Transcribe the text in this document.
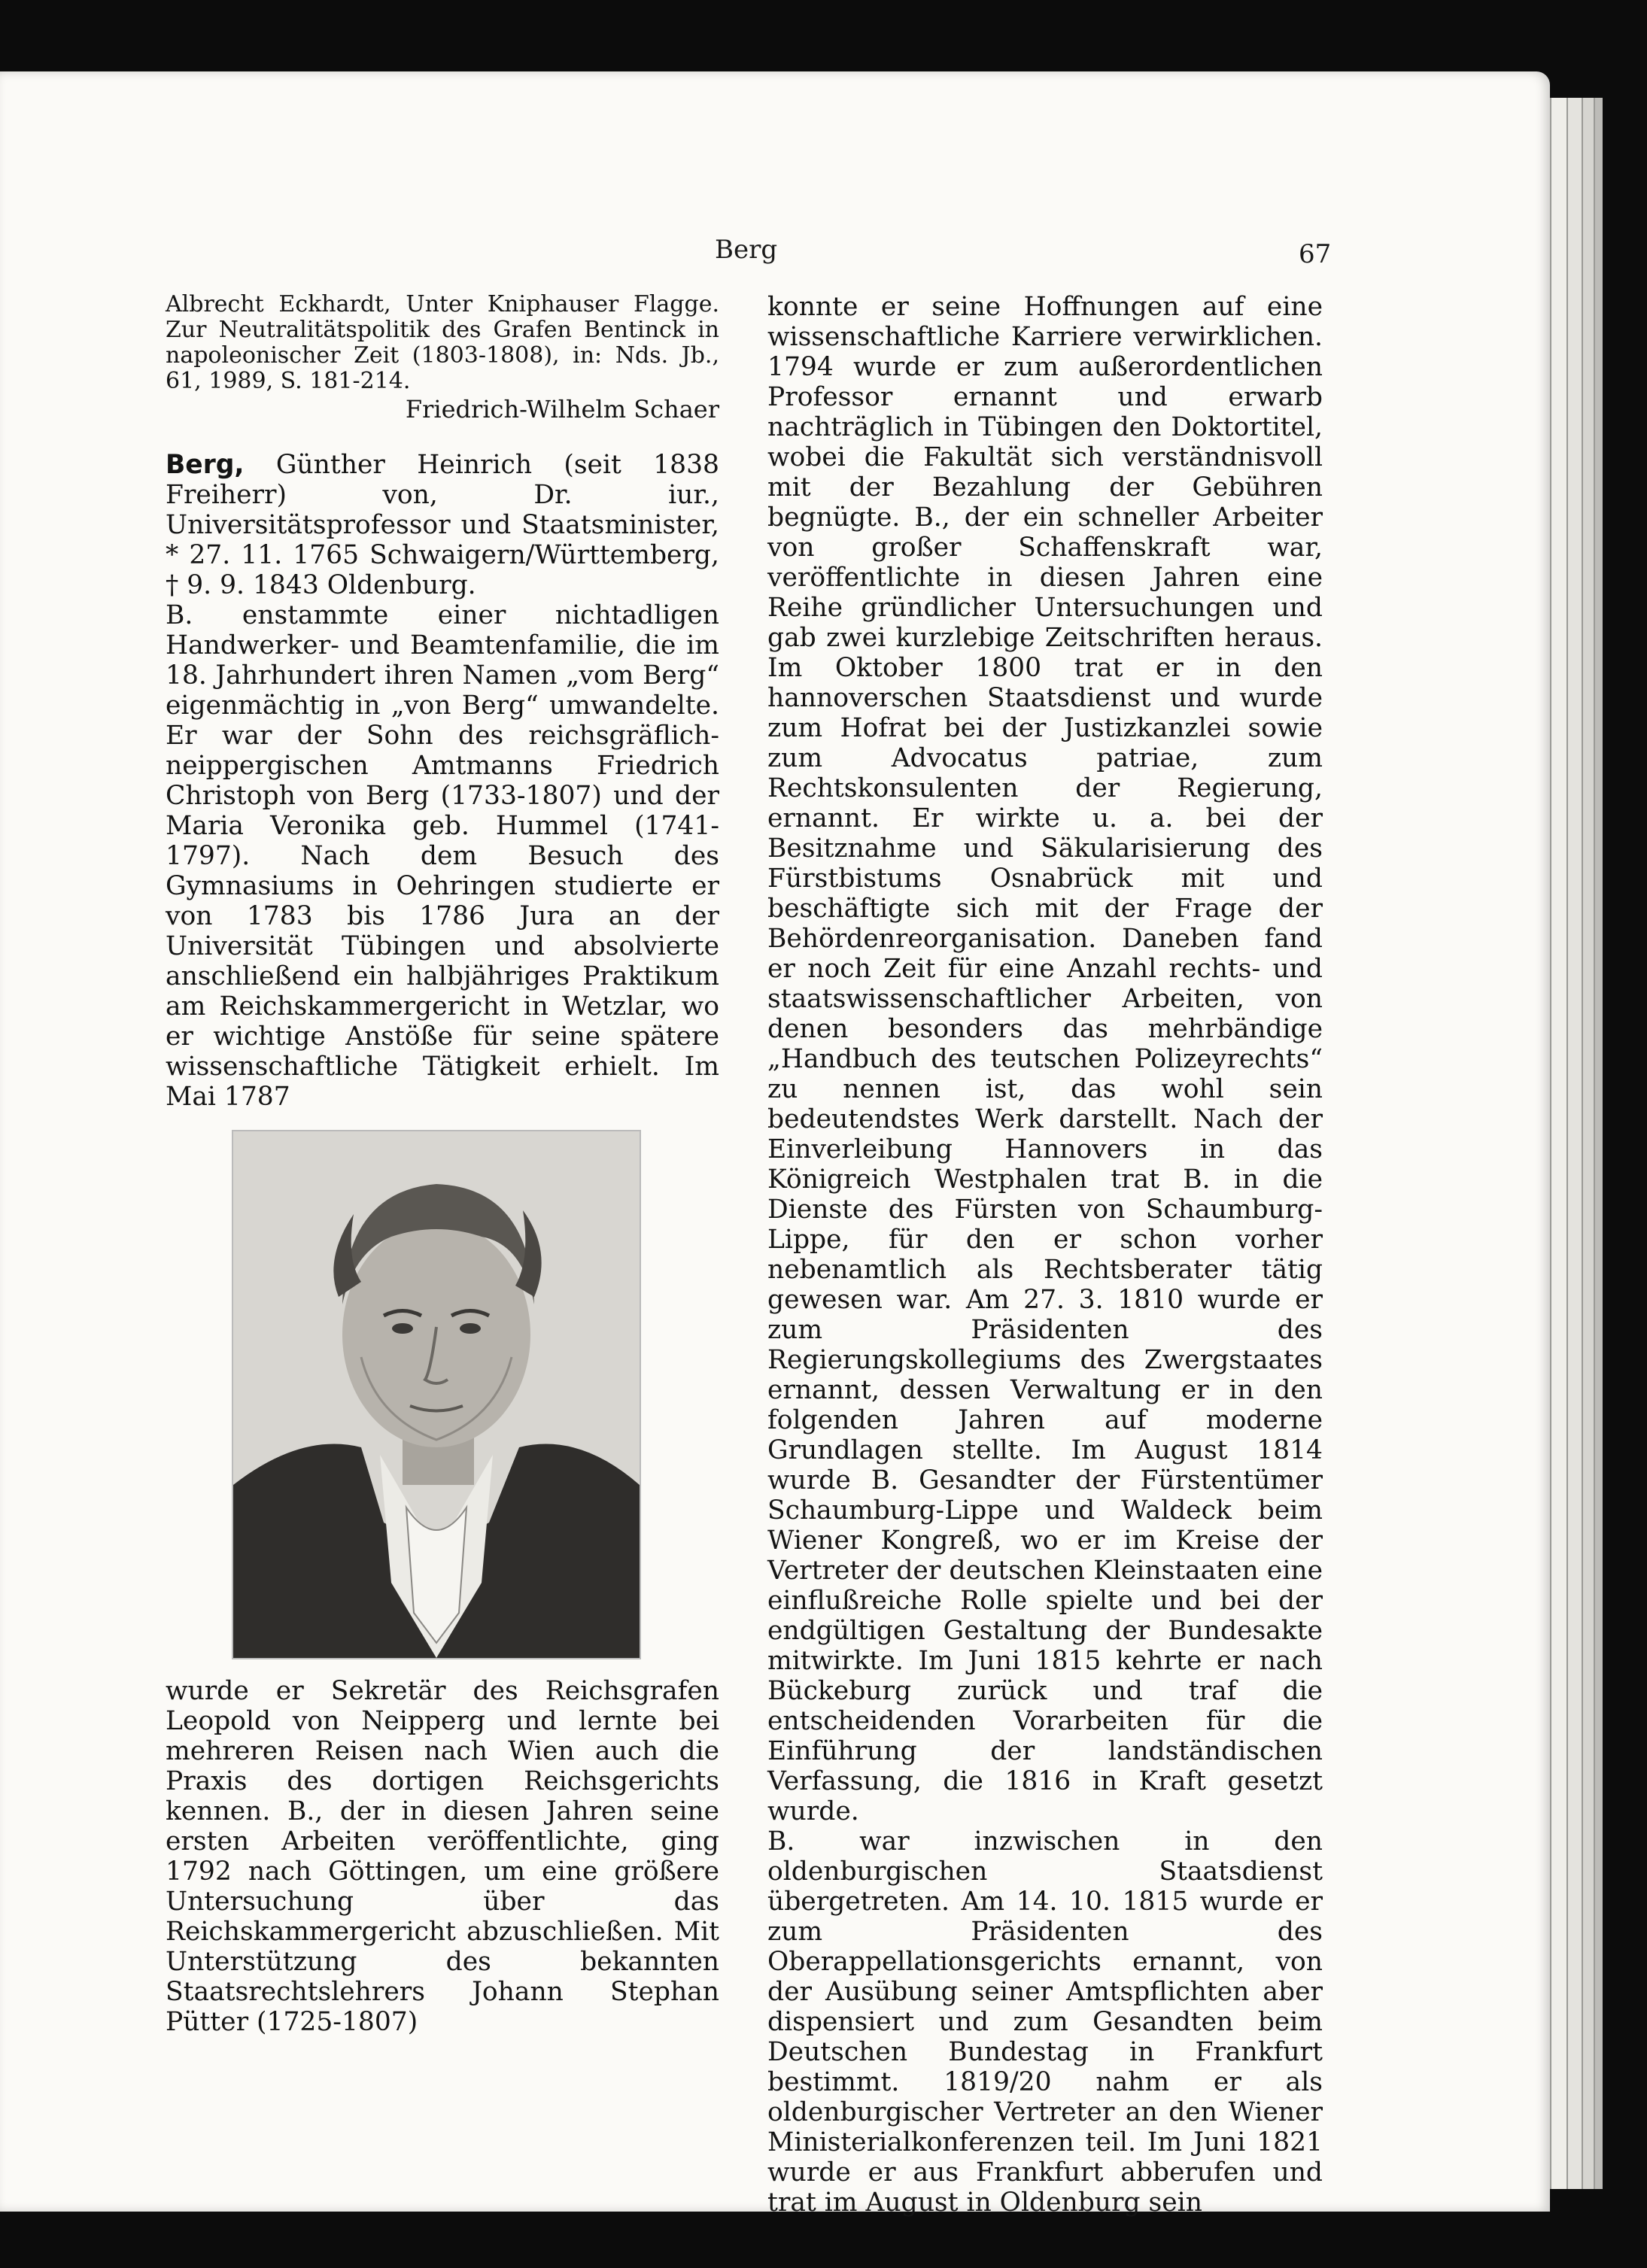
Berg	67

Albrecht Eckhardt, Unter Kniphauser Flagge. Zur Neutralitätspolitik des Grafen Bentinck in napoleonischer Zeit (1803-1808), in: Nds. Jb., 61, 1989, S. 181-214.

Friedrich-Wilhelm Schaer

Berg, Günther Heinrich (seit 1838 Freiherr) von, Dr. iur., Universitätsprofessor und Staatsminister, * 27. 11. 1765 Schwaigern/Württemberg, † 9. 9. 1843 Oldenburg.

B. enstammte einer nichtadligen Handwerker- und Beamtenfamilie, die im 18. Jahrhundert ihren Namen „vom Berg“ eigenmächtig in „von Berg“ umwandelte. Er war der Sohn des reichsgräflich-neippergischen Amtmanns Friedrich Christoph von Berg (1733-1807) und der Maria Veronika geb. Hummel (1741-1797). Nach dem Besuch des Gymnasiums in Oehringen studierte er von 1783 bis 1786 Jura an der Universität Tübingen und absolvierte anschließend ein halbjähriges Praktikum am Reichskammergericht in Wetzlar, wo er wichtige Anstöße für seine spätere wissenschaftliche Tätigkeit erhielt. Im Mai 1787

wurde er Sekretär des Reichsgrafen Leopold von Neipperg und lernte bei mehreren Reisen nach Wien auch die Praxis des dortigen Reichsgerichts kennen. B., der in diesen Jahren seine ersten Arbeiten veröffentlichte, ging 1792 nach Göttingen, um eine größere Untersuchung über das Reichskammergericht abzuschließen. Mit Unterstützung des bekannten Staatsrechtslehrers Johann Stephan Pütter (1725-1807)

konnte er seine Hoffnungen auf eine wissenschaftliche Karriere verwirklichen. 1794 wurde er zum außerordentlichen Professor ernannt und erwarb nachträglich in Tübingen den Doktortitel, wobei die Fakultät sich verständnisvoll mit der Bezahlung der Gebühren begnügte. B., der ein schneller Arbeiter von großer Schaffenskraft war, veröffentlichte in diesen Jahren eine Reihe gründlicher Untersuchungen und gab zwei kurzlebige Zeitschriften heraus. Im Oktober 1800 trat er in den hannoverschen Staatsdienst und wurde zum Hofrat bei der Justizkanzlei sowie zum Advocatus patriae, zum Rechtskonsulenten der Regierung, ernannt. Er wirkte u. a. bei der Besitznahme und Säkularisierung des Fürstbistums Osnabrück mit und beschäftigte sich mit der Frage der Behördenreorganisation. Daneben fand er noch Zeit für eine Anzahl rechts- und staatswissenschaftlicher Arbeiten, von denen besonders das mehrbändige „Handbuch des teutschen Polizeyrechts“ zu nennen ist, das wohl sein bedeutendstes Werk darstellt. Nach der Einverleibung Hannovers in das Königreich Westphalen trat B. in die Dienste des Fürsten von Schaumburg-Lippe, für den er schon vorher nebenamtlich als Rechtsberater tätig gewesen war. Am 27. 3. 1810 wurde er zum Präsidenten des Regierungskollegiums des Zwergstaates ernannt, dessen Verwaltung er in den folgenden Jahren auf moderne Grundlagen stellte. Im August 1814 wurde B. Gesandter der Fürstentümer Schaumburg-Lippe und Waldeck beim Wiener Kongreß, wo er im Kreise der Vertreter der deutschen Kleinstaaten eine einflußreiche Rolle spielte und bei der endgültigen Gestaltung der Bundesakte mitwirkte. Im Juni 1815 kehrte er nach Bückeburg zurück und traf die entscheidenden Vorarbeiten für die Einführung der landständischen Verfassung, die 1816 in Kraft gesetzt wurde.

B. war inzwischen in den oldenburgischen Staatsdienst übergetreten. Am 14. 10. 1815 wurde er zum Präsidenten des Oberappellationsgerichts ernannt, von der Ausübung seiner Amtspflichten aber dispensiert und zum Gesandten beim Deutschen Bundestag in Frankfurt bestimmt. 1819/20 nahm er als oldenburgischer Vertreter an den Wiener Ministerialkonferenzen teil. Im Juni 1821 wurde er aus Frankfurt abberufen und trat im August in Oldenburg sein
